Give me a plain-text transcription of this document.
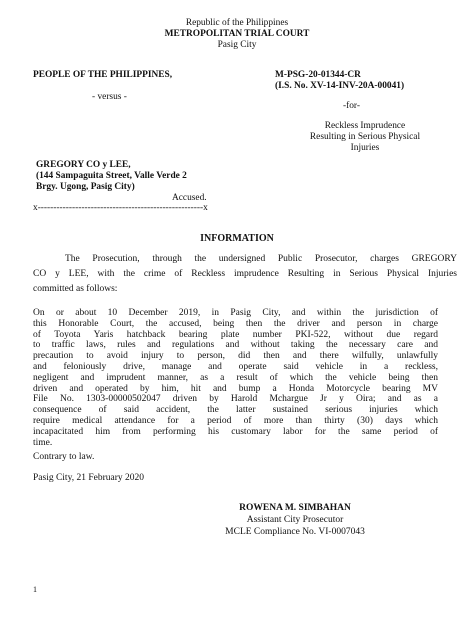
Republic of the Philippines
METROPOLITAN TRIAL COURT
Pasig City
PEOPLE OF THE PHILIPPINES,
- versus -
M-PSG-20-01344-CR
(I.S. No. XV-14-INV-20A-00041)
-for-
Reckless Imprudence
Resulting in Serious Physical
Injuries
GREGORY CO y LEE,
(144 Sampaguita Street, Valle Verde 2
Brgy. Ugong, Pasig City)
Accused.
x-----------------------------------------------------x
INFORMATION
The Prosecution, through the undersigned Public Prosecutor, charges GREGORY
CO y LEE, with the crime of Reckless imprudence Resulting in Serious Physical Injuries
committed as follows:
On or about 10 December 2019, in Pasig City, and within the jurisdiction of
this Honorable Court, the accused, being then the driver and person in charge
of Toyota Yaris hatchback bearing plate number PKI-522, without due regard
to traffic laws, rules and regulations and without taking the necessary care and
precaution to avoid injury to person, did then and there wilfully, unlawfully
and feloniously drive, manage and operate said vehicle in a reckless,
negligent and imprudent manner, as a result of which the vehicle being then
driven and operated by him, hit and bump a Honda Motorcycle bearing MV
File No. 1303-00000502047 driven by Harold Mchargue Jr y Oira; and as a
consequence of said accident, the latter sustained serious injuries which
require medical attendance for a period of more than thirty (30) days which
incapacitated him from performing his customary labor for the same period of
time.
Contrary to law.
Pasig City, 21 February 2020
ROWENA M. SIMBAHAN
Assistant City Prosecutor
MCLE Compliance No. VI-0007043
1
